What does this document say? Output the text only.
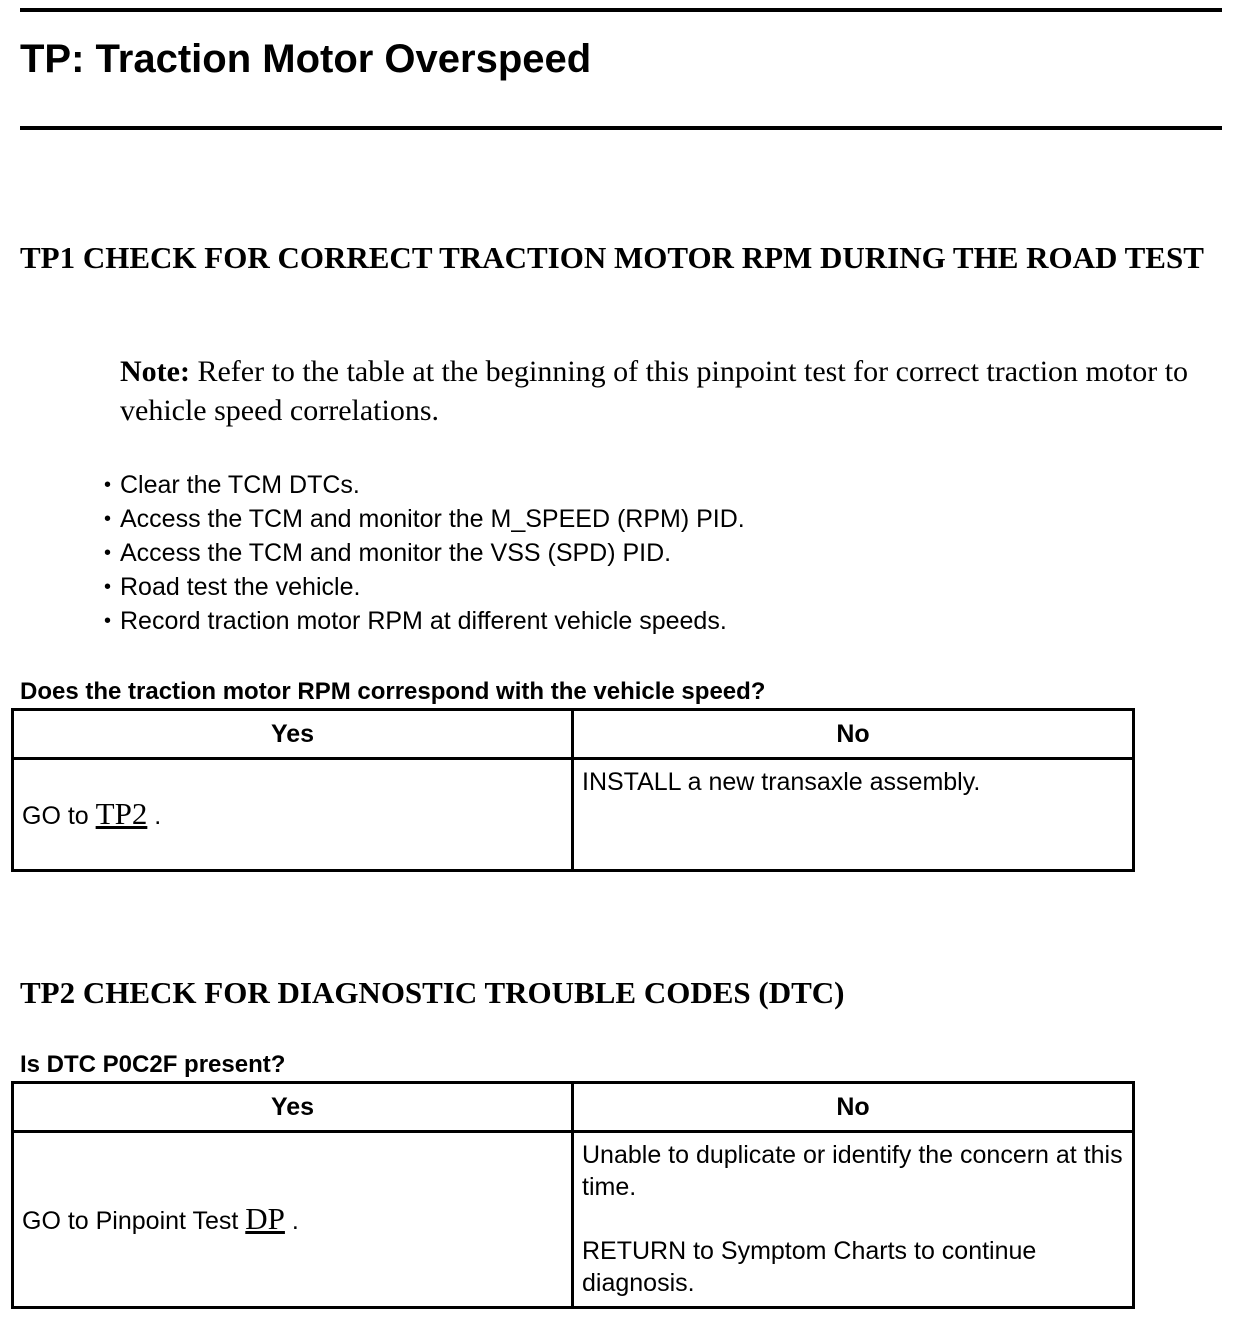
TP: Traction Motor Overspeed
TP1 CHECK FOR CORRECT TRACTION MOTOR RPM DURING THE ROAD TEST

Note: Refer to the table at the beginning of this pinpoint test for correct traction motor to vehicle speed correlations.

• Clear the TCM DTCs.
• Access the TCM and monitor the M_SPEED (RPM) PID.
• Access the TCM and monitor the VSS (SPD) PID.
• Road test the vehicle.
• Record traction motor RPM at different vehicle speeds.

Does the traction motor RPM correspond with the vehicle speed?

Yes	No
GO to TP2 .	INSTALL a new transaxle assembly.
TP2 CHECK FOR DIAGNOSTIC TROUBLE CODES (DTC)

Is DTC P0C2F present?

Yes	No
GO to Pinpoint Test DP .	Unable to duplicate or identify the concern at this time.
RETURN to Symptom Charts to continue diagnosis.
